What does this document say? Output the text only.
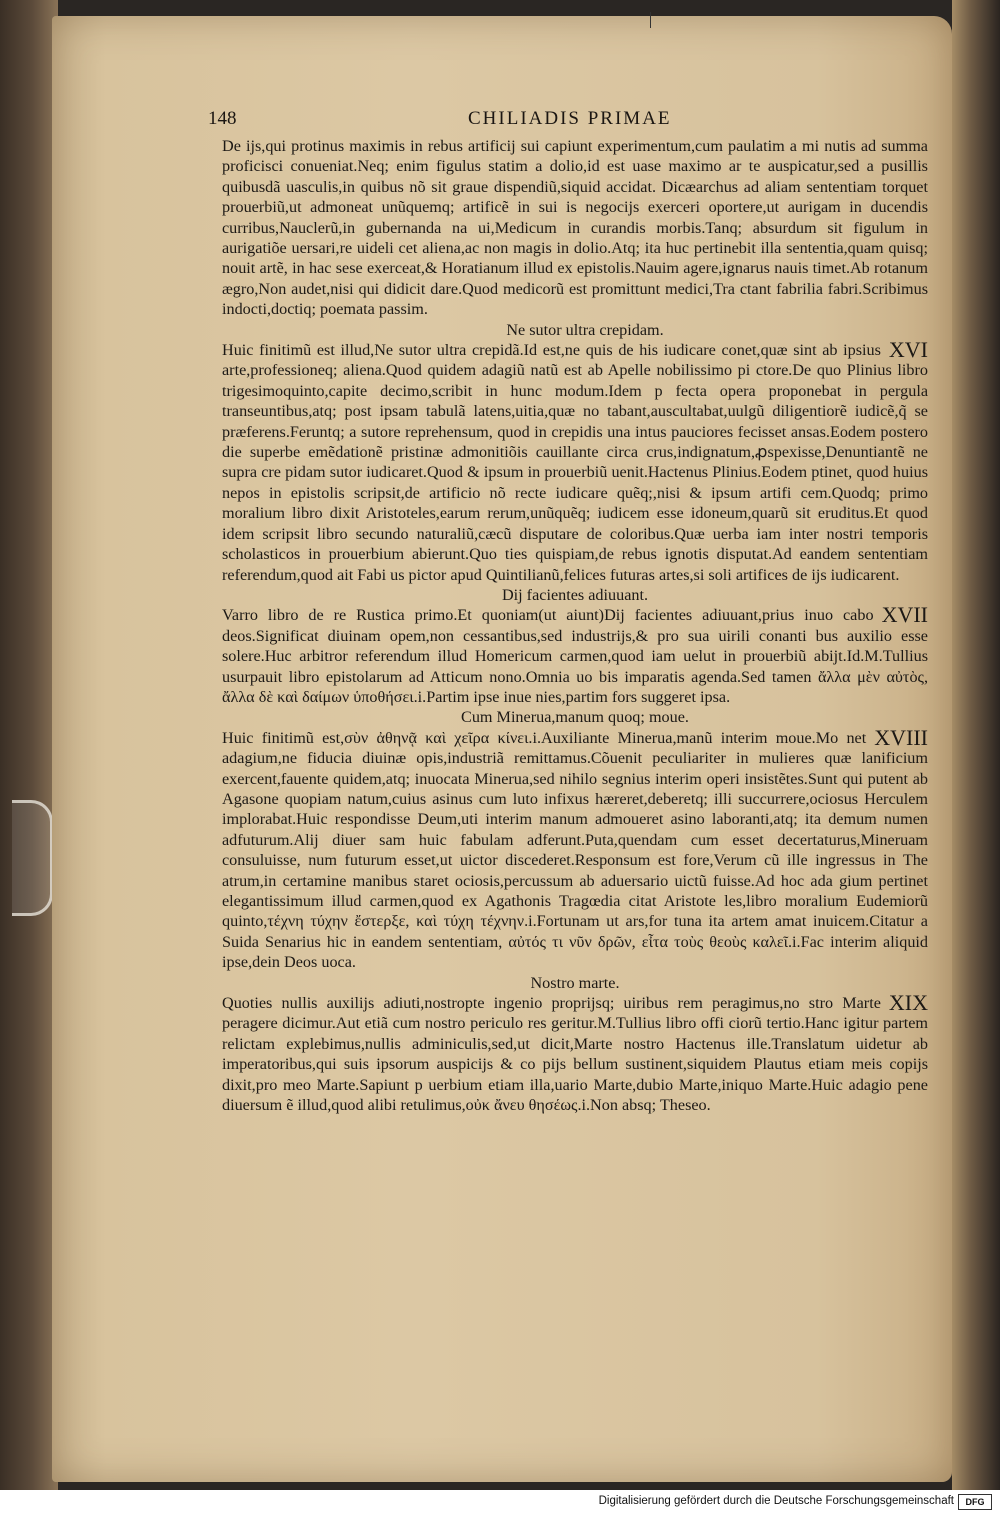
148	CHILIADIS PRIMAE

De ijs,qui protinus maximis in rebus artificij sui capiunt experimentum,cum paulatim a mi nutis ad summa proficisci conueniat.Neq; enim figulus statim a dolio,id est uase maximo ar te auspicatur,sed a pusillis quibusdã uasculis,in quibus nõ sit graue dispendiũ,siquid accidat. Dicæarchus ad aliam sententiam torquet prouerbiũ,ut admoneat unũquemq; artificẽ in sui is negocijs exerceri oportere,ut aurigam in ducendis curribus,Nauclerũ,in gubernanda na ui,Medicum in curandis morbis.Tanq; absurdum sit figulum in aurigatiõe uersari,re uideli cet aliena,ac non magis in dolio.Atq; ita huc pertinebit illa sententia,quam quisq; nouit artẽ, in hac sese exerceat,& Horatianum illud ex epistolis.Nauim agere,ignarus nauis timet.Ab rotanum ægro,Non audet,nisi qui didicit dare.Quod medicorũ est promittunt medici,Tra ctant fabrilia fabri.Scribimus indocti,doctiq; poemata passim.

Ne sutor ultra crepidam.
XVI

Huic finitimũ est illud,Ne sutor ultra crepidã.Id est,ne quis de his iudicare conet,quæ sint ab ipsius arte,professioneq; aliena.Quod quidem adagiũ natũ est ab Apelle nobilissimo pi ctore.De quo Plinius libro trigesimoquinto,capite decimo,scribit in hunc modum.Idem p fecta opera proponebat in pergula transeuntibus,atq; post ipsam tabulã latens,uitia,quæ no tabant,auscultabat,uulgũ diligentiorẽ iudicẽ,q̃ se præferens.Feruntq; a sutore reprehensum, quod in crepidis una intus pauciores fecisset ansas.Eodem postero die superbe emẽdationẽ pristinæ admonitiõis cauillante circa crus,indignatum,ꝓspexisse,Denuntiantẽ ne supra cre pidam sutor iudicaret.Quod & ipsum in prouerbiũ uenit.Hactenus Plinius.Eodem ptinet, quod huius nepos in epistolis scripsit,de artificio nõ recte iudicare quẽq;,nisi & ipsum artifi cem.Quodq; primo moralium libro dixit Aristoteles,earum rerum,unũquẽq; iudicem esse idoneum,quarũ sit eruditus.Et quod idem scripsit libro secundo naturaliũ,cæcũ disputare de coloribus.Quæ uerba iam inter nostri temporis scholasticos in prouerbium abierunt.Quo ties quispiam,de rebus ignotis disputat.Ad eandem sententiam referendum,quod ait Fabi us pictor apud Quintilianũ,felices futuras artes,si soli artifices de ijs iudicarent.

Dij facientes adiuuant.
XVII

Varro libro de re Rustica primo.Et quoniam(ut aiunt)Dij facientes adiuuant,prius inuo cabo deos.Significat diuinam opem,non cessantibus,sed industrijs,& pro sua uirili conanti bus auxilio esse solere.Huc arbitror referendum illud Homericum carmen,quod iam uelut in prouerbiũ abijt.Id.M.Tullius usurpauit libro epistolarum ad Atticum nono.Omnia uo bis imparatis agenda.Sed tamen ἄλλα μὲν αὐτὸς, ἄλλα δὲ καὶ δαίμων ὑποθήσει.i.Partim ipse inue nies,partim fors suggeret ipsa.

Cum Minerua,manum quoq; moue.
XVIII

Huic finitimũ est,σὺν ἀθηνᾷ καὶ χεῖρα κίνει.i.Auxiliante Minerua,manũ interim moue.Mo net adagium,ne fiducia diuinæ opis,industriã remittamus.Cõuenit peculiariter in mulieres quæ lanificium exercent,fauente quidem,atq; inuocata Minerua,sed nihilo segnius interim operi insistẽtes.Sunt qui putent ab Agasone quopiam natum,cuius asinus cum luto infixus hæreret,deberetq; illi succurrere,ociosus Herculem implorabat.Huic respondisse Deum,uti interim manum admoueret asino laboranti,atq; ita demum numen adfuturum.Alij diuer sam huic fabulam adferunt.Puta,quendam cum esset decertaturus,Mineruam consuluisse, num futurum esset,ut uictor discederet.Responsum est fore,Verum cũ ille ingressus in The atrum,in certamine manibus staret ociosis,percussum ab aduersario uictũ fuisse.Ad hoc ada gium pertinet elegantissimum illud carmen,quod ex Agathonis Tragœdia citat Aristote les,libro moralium Eudemiorũ quinto,τέχνη τύχην ἔστερξε, καὶ τύχη τέχνην.i.Fortunam ut ars,for tuna ita artem amat inuicem.Citatur a Suida Senarius hic in eandem sententiam, αὐτός τι νῦν δρῶν, εἶτα τοὺς θεοὺς καλεῖ.i.Fac interim aliquid ipse,dein Deos uoca.

Nostro marte.
XIX

Quoties nullis auxilijs adiuti,nostropte ingenio proprijsq; uiribus rem peragimus,no stro Marte peragere dicimur.Aut etiã cum nostro periculo res geritur.M.Tullius libro offi ciorũ tertio.Hanc igitur partem relictam explebimus,nullis adminiculis,sed,ut dicit,Marte nostro Hactenus ille.Translatum uidetur ab imperatoribus,qui suis ipsorum auspicijs & co pijs bellum sustinent,siquidem Plautus etiam meis copijs dixit,pro meo Marte.Sapiunt p uerbium etiam illa,uario Marte,dubio Marte,iniquo Marte.Huic adagio pene diuersum ẽ illud,quod alibi retulimus,οὐκ ἄνευ θησέως.i.Non absq; Theseo.

Digitalisierung gefördert durch die Deutsche Forschungsgemeinschaft	DFG
